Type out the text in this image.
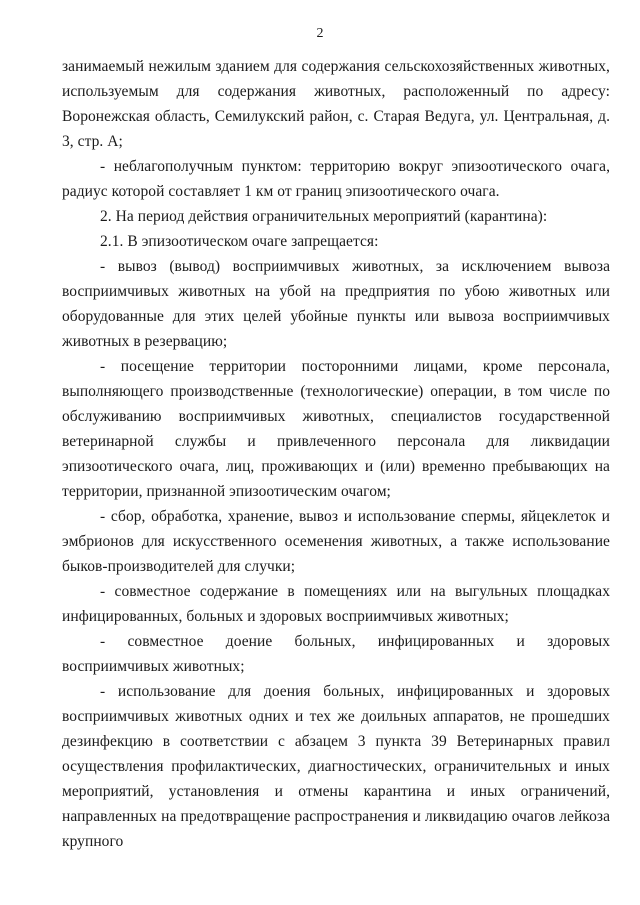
2

занимаемый нежилым зданием для содержания сельскохозяйственных животных, используемым для содержания животных, расположенный по адресу: Воронежская область, Семилукский район, с. Старая Ведуга, ул. Центральная, д. 3, стр. А;

- неблагополучным пунктом: территорию вокруг эпизоотического очага, радиус которой составляет 1 км от границ эпизоотического очага.

2. На период действия ограничительных мероприятий (карантина):

2.1. В эпизоотическом очаге запрещается:

- вывоз (вывод) восприимчивых животных, за исключением вывоза восприимчивых животных на убой на предприятия по убою животных или оборудованные для этих целей убойные пункты или вывоза восприимчивых животных в резервацию;

- посещение территории посторонними лицами, кроме персонала, выполняющего производственные (технологические) операции, в том числе по обслуживанию восприимчивых животных, специалистов государственной ветеринарной службы и привлеченного персонала для ликвидации эпизоотического очага, лиц, проживающих и (или) временно пребывающих на территории, признанной эпизоотическим очагом;

- сбор, обработка, хранение, вывоз и использование спермы, яйцеклеток и эмбрионов для искусственного осеменения животных, а также использование быков-производителей для случки;

- совместное содержание в помещениях или на выгульных площадках инфицированных, больных и здоровых восприимчивых животных;

- совместное доение больных, инфицированных и здоровых восприимчивых животных;

- использование для доения больных, инфицированных и здоровых восприимчивых животных одних и тех же доильных аппаратов, не прошедших дезинфекцию в соответствии с абзацем 3 пункта 39 Ветеринарных правил осуществления профилактических, диагностических, ограничительных и иных мероприятий, установления и отмены карантина и иных ограничений, направленных на предотвращение распространения и ликвидацию очагов лейкоза крупного
